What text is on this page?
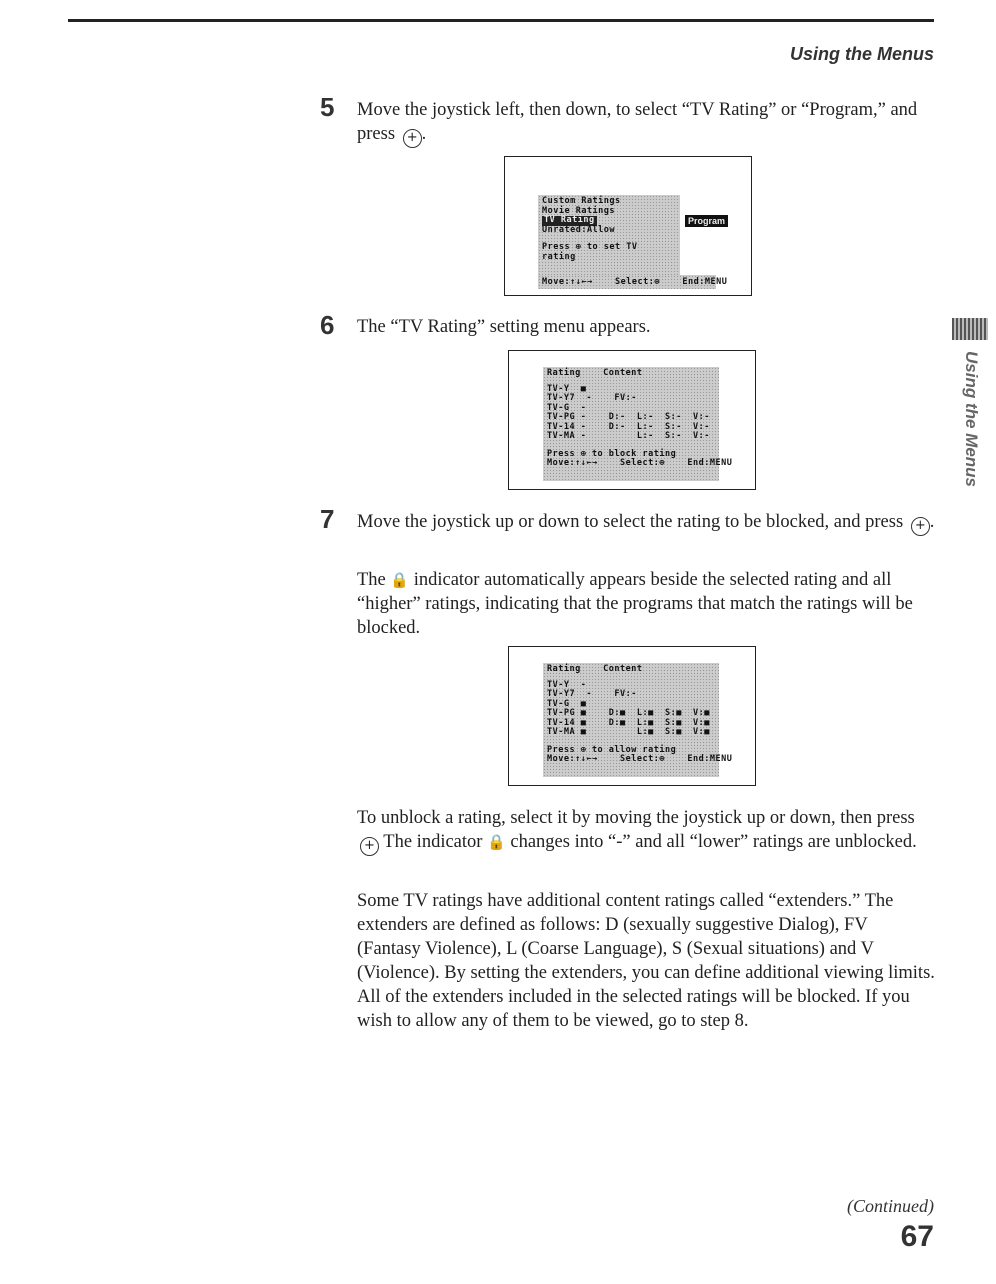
Using the Menus
Using the Menus
5 Move the joystick left, then down, to select “TV Rating” or “Program,” and press + .
Custom Ratings
Movie Ratings
TV Rating
Unrated:Allow
Press ⊕ to set TV
rating
Program
Move:↑↓←→    Select:⊕    End:MENU
6 The “TV Rating” setting menu appears.
Rating    Content
TV-Y  ■
TV-Y7  -    FV:-
TV-G  -
TV-PG -    D:-  L:-  S:-  V:-
TV-14 -    D:-  L:-  S:-  V:-
TV-MA -         L:-  S:-  V:-
Press ⊕ to block rating
Move:↑↓←→    Select:⊕    End:MENU
7 Move the joystick up or down to select the rating to be blocked, and press + .
The 🔒 indicator automatically appears beside the selected rating and all “higher” ratings, indicating that the programs that match the ratings will be blocked.
Rating    Content
TV-Y  -
TV-Y7  -    FV:-
TV-G  ■
TV-PG ■    D:■  L:■  S:■  V:■
TV-14 ■    D:■  L:■  S:■  V:■
TV-MA ■         L:■  S:■  V:■
Press ⊕ to allow rating
Move:↑↓←→    Select:⊕    End:MENU
To unblock a rating, select it by moving the joystick up or down, then press + The indicator 🔒 changes into “-” and all “lower” ratings are unblocked.
Some TV ratings have additional content ratings called “extenders.” The extenders are defined as follows: D (sexually suggestive Dialog), FV (Fantasy Violence), L (Coarse Language), S (Sexual situations) and V (Violence). By setting the extenders, you can define additional viewing limits. All of the extenders included in the selected ratings will be blocked. If you wish to allow any of them to be viewed, go to step 8.
(Continued)
67
